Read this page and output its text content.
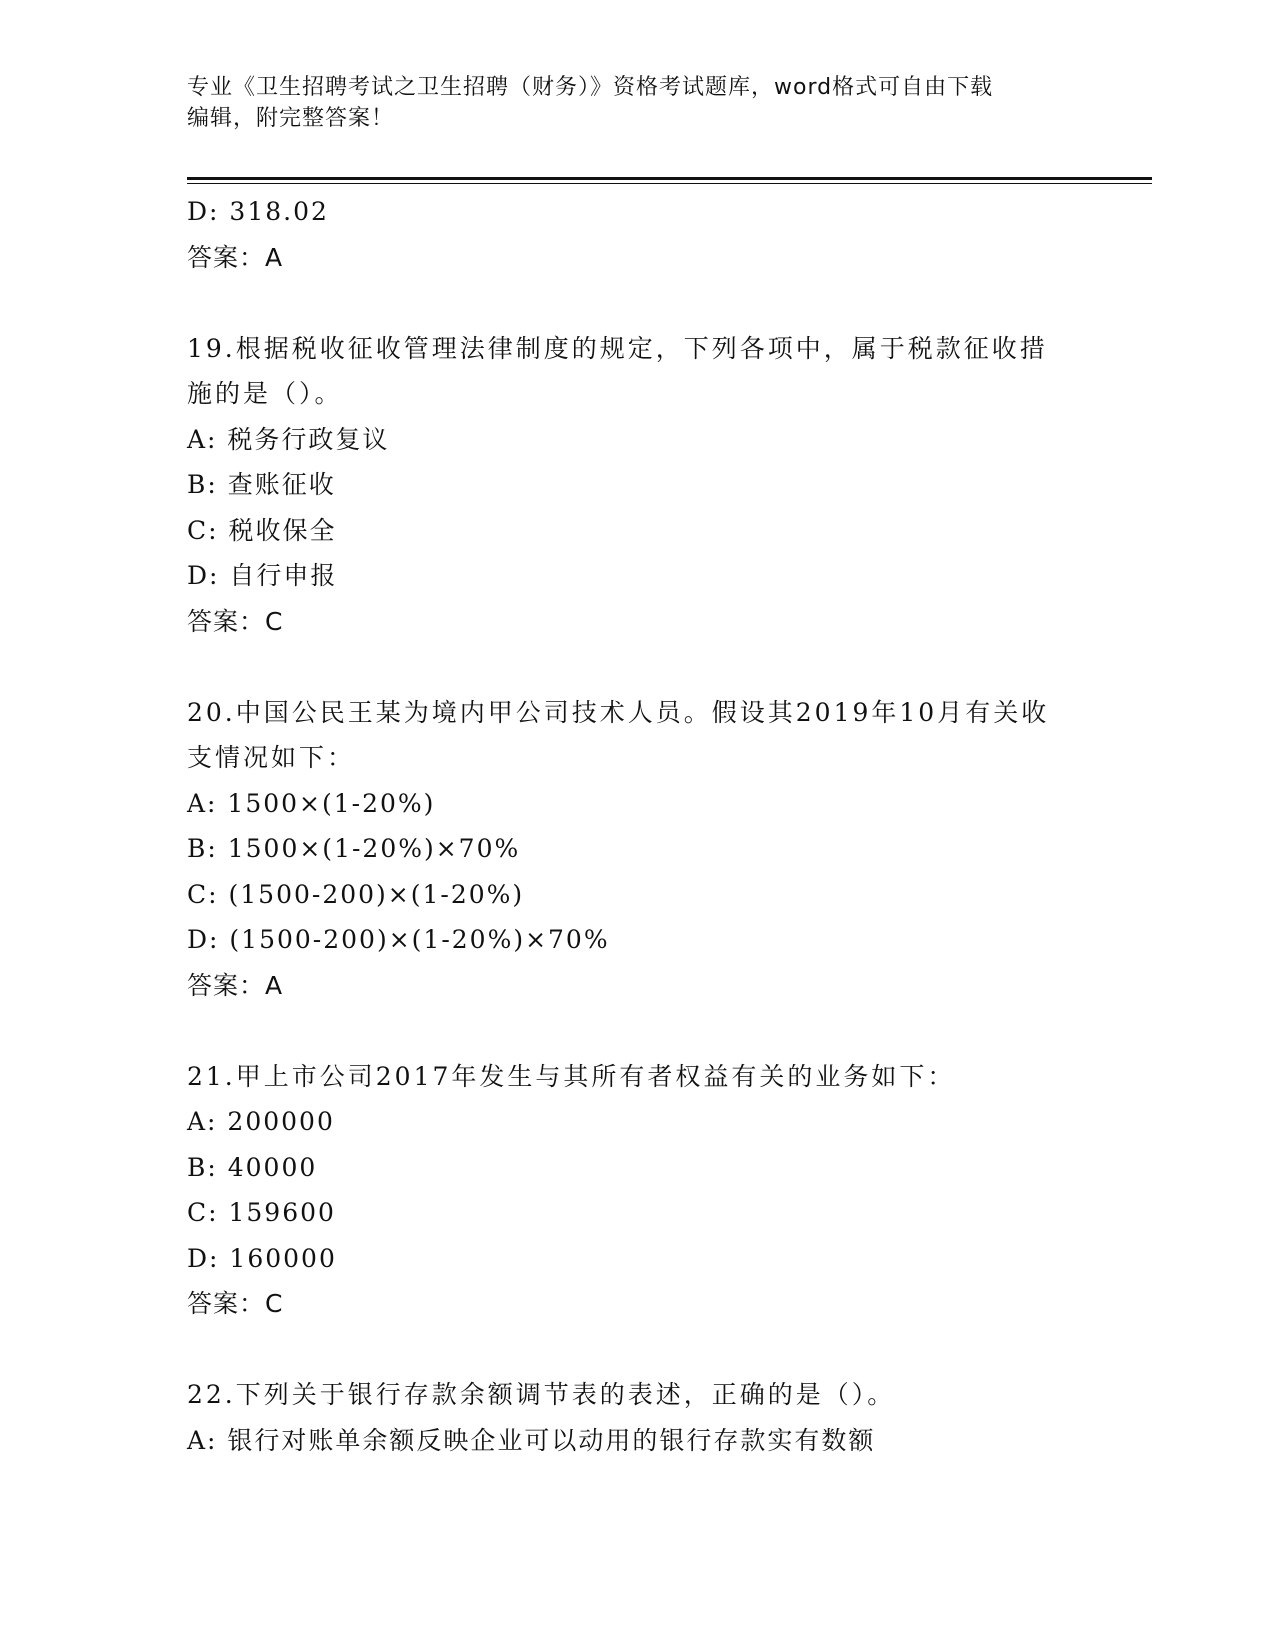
专业《卫生招聘考试之卫生招聘（财务）》资格考试题库，word格式可自由下载
编辑，附完整答案！
D: 318.02
答案：A
19.根据税收征收管理法律制度的规定，下列各项中，属于税款征收措
施的是（）。
A: 税务行政复议
B: 查账征收
C: 税收保全
D: 自行申报
答案：C
20.中国公民王某为境内甲公司技术人员。假设其2019年10月有关收
支情况如下：
A: 1500×(1-20%)
B: 1500×(1-20%)×70%
C: (1500-200)×(1-20%)
D: (1500-200)×(1-20%)×70%
答案：A
21.甲上市公司2017年发生与其所有者权益有关的业务如下：
A: 200000
B: 40000
C: 159600
D: 160000
答案：C
22.下列关于银行存款余额调节表的表述，正确的是（）。
A: 银行对账单余额反映企业可以动用的银行存款实有数额
